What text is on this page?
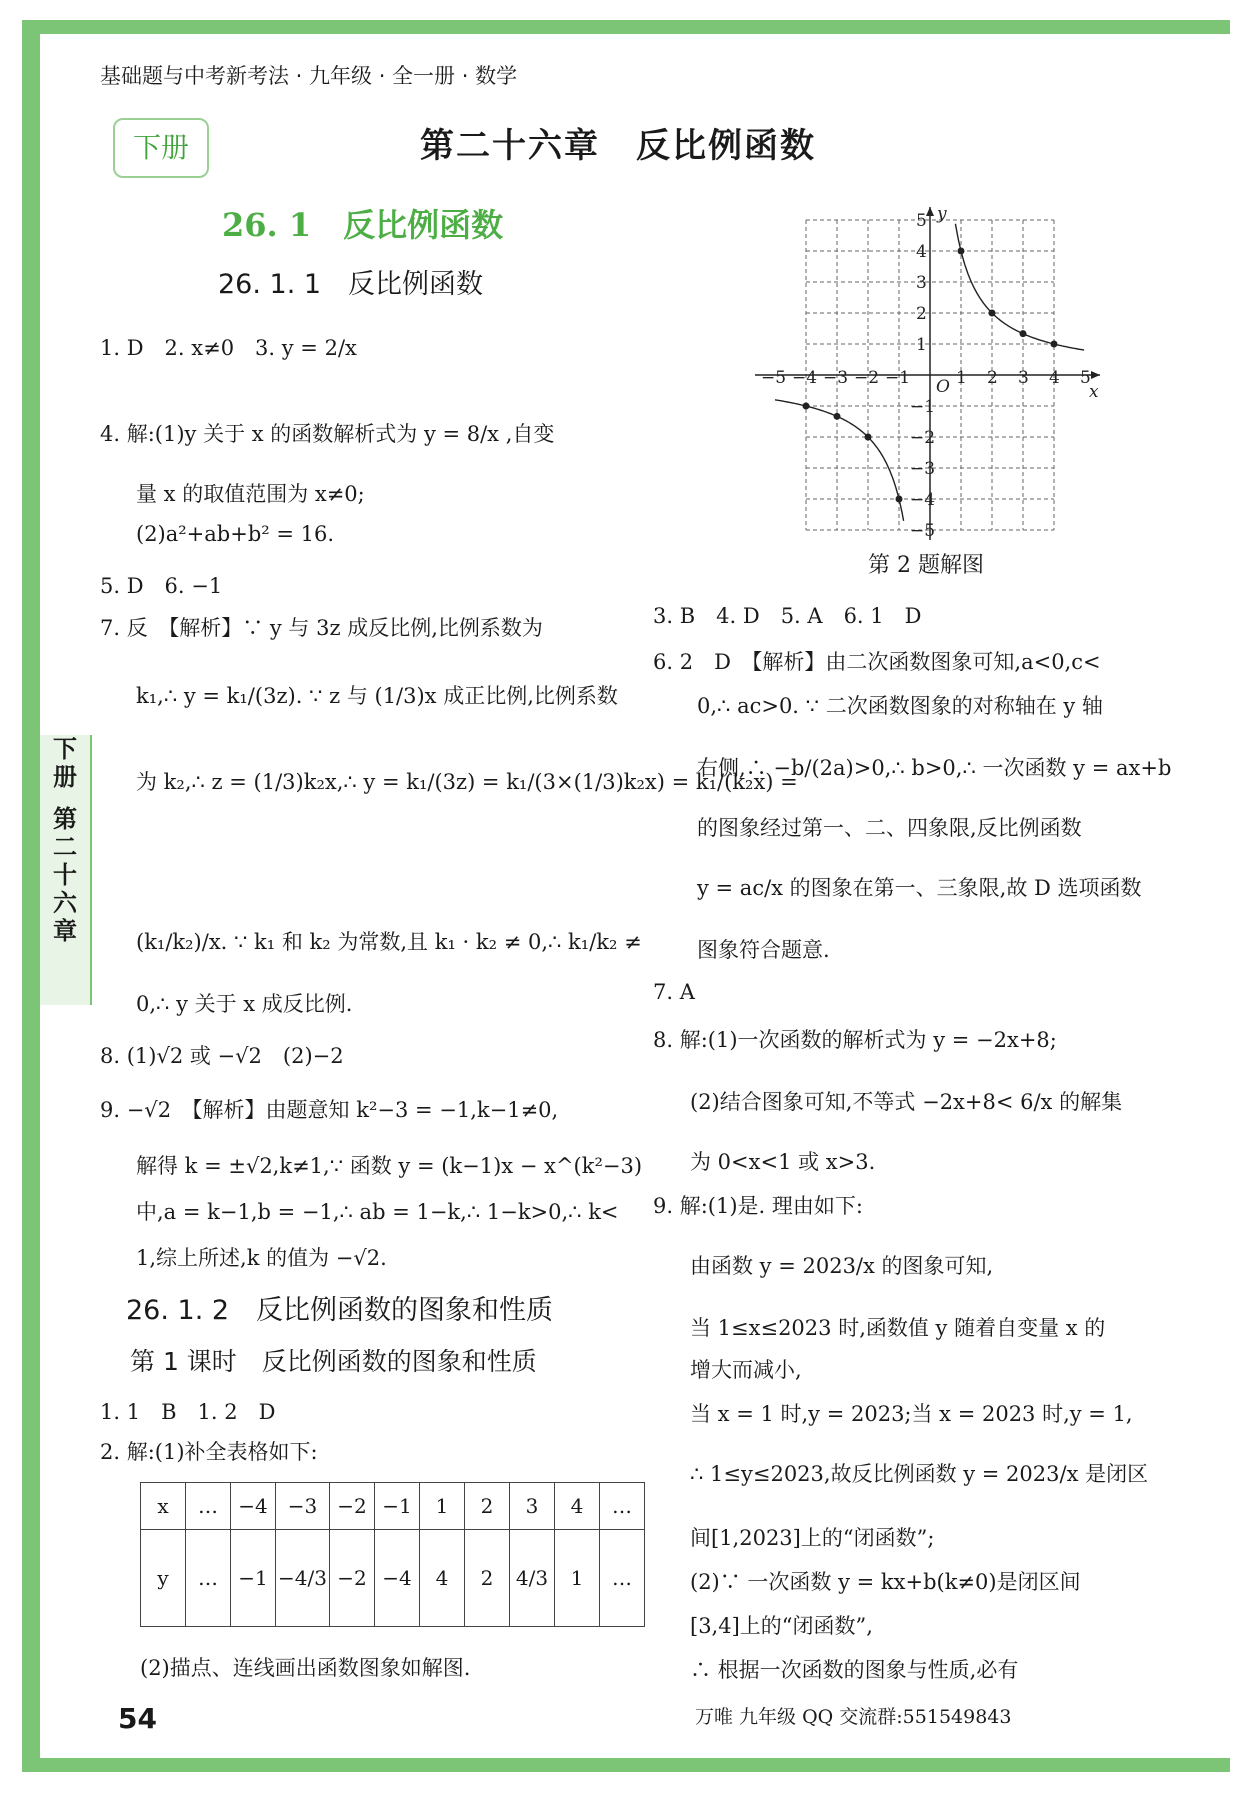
下
册
第
二
十
六
章
基础题与中考新考法 · 九年级 · 全一册 · 数学
下册	第二十六章　反比例函数
26. 1　反比例函数
26. 1. 1　反比例函数
1. D　2. x≠0　3. y = 2/x
4. 解:(1)y 关于 x 的函数解析式为 y = 8/x ,自变
量 x 的取值范围为 x≠0;
(2)a²+ab+b² = 16.
5. D　6. −1
7. 反　【解析】∵ y 与 3z 成反比例,比例系数为
k₁,∴ y = k₁/(3z). ∵ z 与 (1/3)x 成正比例,比例系数
为 k₂,∴ z = (1/3)k₂x,∴ y = k₁/(3z) = k₁/(3×(1/3)k₂x) = k₁/(k₂x) =
(k₁/k₂)/x. ∵ k₁ 和 k₂ 为常数,且 k₁ · k₂ ≠ 0,∴ k₁/k₂ ≠
0,∴ y 关于 x 成反比例.
8. (1)√2 或 −√2　(2)−2
9. −√2　【解析】由题意知 k²−3 = −1,k−1≠0,
解得 k = ±√2,k≠1,∵ 函数 y = (k−1)x − x^(k²−3)
中,a = k−1,b = −1,∴ ab = 1−k,∴ 1−k>0,∴ k<
1,综上所述,k 的值为 −√2.
26. 1. 2　反比例函数的图象和性质
第 1 课时　反比例函数的图象和性质
1. 1　B　1. 2　D
2. 解:(1)补全表格如下:
x	…	−4	−3	−2	−1	1	2	3	4	…
y	…	−1	−4/3	−2	−4	4	2	4/3	1	…
(2)描点、连线画出函数图象如解图.
−5 −4 −3 −2 −1	1 2 3 4 5
5
4
3
2
1
−1
−2
−3
−4
−5
O	x
y
第 2 题解图
3. B　4. D　5. A　6. 1　D
6. 2　D　【解析】由二次函数图象可知,a<0,c<
0,∴ ac>0. ∵ 二次函数图象的对称轴在 y 轴
右侧,∴ −b/(2a)>0,∴ b>0,∴ 一次函数 y = ax+b
的图象经过第一、二、四象限,反比例函数
y = ac/x 的图象在第一、三象限,故 D 选项函数
图象符合题意.
7. A
8. 解:(1)一次函数的解析式为 y = −2x+8;
(2)结合图象可知,不等式 −2x+8< 6/x 的解集
为 0<x<1 或 x>3.
9. 解:(1)是. 理由如下:
由函数 y = 2023/x 的图象可知,
当 1≤x≤2023 时,函数值 y 随着自变量 x 的
增大而减小,
当 x = 1 时,y = 2023;当 x = 2023 时,y = 1,
∴ 1≤y≤2023,故反比例函数 y = 2023/x 是闭区
间[1,2023]上的“闭函数”;
(2)∵ 一次函数 y = kx+b(k≠0)是闭区间
[3,4]上的“闭函数”,
∴ 根据一次函数的图象与性质,必有
54	万唯 九年级 QQ 交流群:551549843
